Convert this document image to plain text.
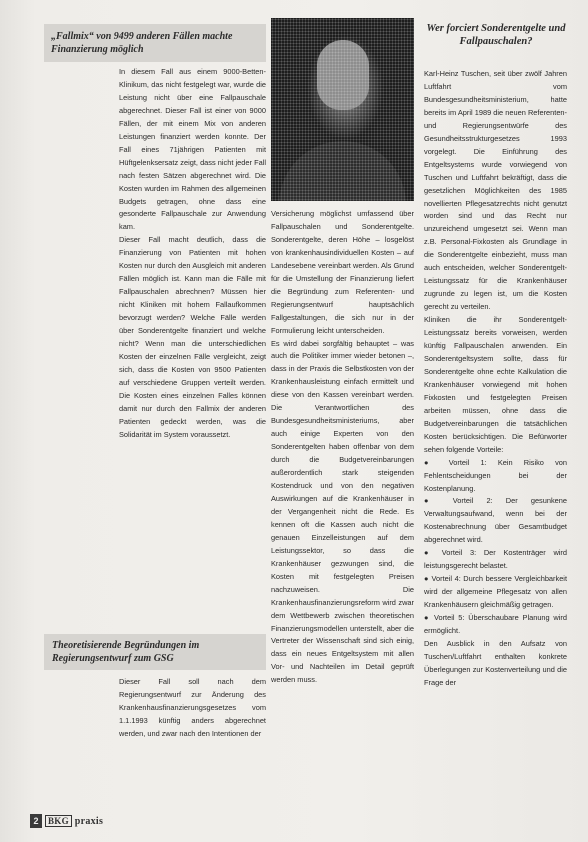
„Fallmix“ von 9499 anderen Fällen machte Finanzierung möglich

In diesem Fall aus einem 9000-Betten-Klinikum, das nicht festgelegt war, wurde die Leistung nicht über eine Fallpauschale abgerechnet. Dieser Fall ist einer von 9000 Fällen, der mit einem Mix von anderen Leistungen finanziert werden konnte. Der Fall eines 71jährigen Patienten mit Hüftgelenksersatz zeigt, dass nicht jeder Fall nach festen Sätzen abgerechnet wird. Die Kosten wurden im Rahmen des allgemeinen Budgets getragen, ohne dass eine gesonderte Fallpauschale zur Anwendung kam.

Dieser Fall macht deutlich, dass die Finanzierung von Patienten mit hohen Kosten nur durch den Ausgleich mit anderen Fällen möglich ist. Kann man die Fälle mit Fallpauschalen abrechnen? Müssen hier nicht Kliniken mit hohem Fallaufkommen bevorzugt werden? Welche Fälle werden über Sonderentgelte finanziert und welche nicht? Wenn man die unterschiedlichen Kosten der einzelnen Fälle vergleicht, zeigt sich, dass die Kosten von 9500 Patienten auf verschiedene Gruppen verteilt werden. Die Kosten eines einzelnen Falles können damit nur durch den Fallmix der anderen Patienten gedeckt werden, was die Solidarität im System voraussetzt.

Theoretisierende Begründungen im Regierungsentwurf zum GSG

Dieser Fall soll nach dem Regierungsentwurf zur Änderung des Krankenhausfinanzierungsgesetzes vom 1.1.1993 künftig anders abgerechnet werden, und zwar nach den Intentionen der

Versicherung möglichst umfassend über Fallpauschalen und Sonderentgelte. Sonderentgelte, deren Höhe – losgelöst von krankenhausindividuellen Kosten – auf Landesebene vereinbart werden. Als Grund für die Umstellung der Finanzierung liefert die Begründung zum Referenten- und Regierungsentwurf hauptsächlich Fallgestaltungen, die sich nur in der Formulierung leicht unterscheiden.

Es wird dabei sorgfältig behauptet – was auch die Politiker immer wieder betonen –, dass in der Praxis die Selbstkosten von der Krankenhausleistung einfach ermittelt und diese von den Kassen vereinbart werden. Die Verantwortlichen des Bundesgesundheitsministeriums, aber auch einige Experten von den Sonderentgelten haben offenbar von dem durch die Budgetvereinbarungen außerordentlich stark steigenden Kostendruck und von den negativen Auswirkungen auf die Krankenhäuser in der Vergangenheit nicht die Rede. Es kennen oft die Kassen auch nicht die genauen Einzelleistungen auf dem Leistungssektor, so dass die Krankenhäuser gezwungen sind, die Kosten mit festgelegten Preisen nachzuweisen. Die Krankenhausfinanzierungsreform wird zwar dem Wettbewerb zwischen theoretischen Finanzierungsmodellen unterstellt, aber die Vertreter der Wissenschaft sind sich einig, dass ein neues Entgeltsystem mit allen Vor- und Nachteilen im Detail geprüft werden muss.

Wer forciert Sonderentgelte und Fallpauschalen?

Karl-Heinz Tuschen, seit über zwölf Jahren Luftfahrt vom Bundesgesundheitsministerium, hatte bereits im April 1989 die neuen Referenten- und Regierungsentwürfe des Gesundheitsstrukturgesetzes 1993 vorgelegt. Die Einführung des Entgeltsystems wurde vorwiegend von Tuschen und Luftfahrt bekräftigt, dass die gesetzlichen Möglichkeiten des 1985 novellierten Pflegesatzrechts nicht genutzt worden sind und das Recht nur unzureichend umgesetzt sei. Wenn man z.B. Personal-Fixkosten als Grundlage in die Sonderentgelte einbezieht, muss man auch entscheiden, welcher Sonderentgelt-Leistungssatz für die Krankenhäuser zugrunde zu legen ist, um die Kosten gerecht zu verteilen.

Kliniken die ihr Sonderentgelt-Leistungssatz bereits vorweisen, werden künftig Fallpauschalen anwenden. Ein Sonderentgeltsystem sollte, dass für Sonderentgelte ohne echte Kalkulation die Krankenhäuser vorwiegend mit hohen Fixkosten und festgelegten Preisen arbeiten müssen, ohne dass die Budgetvereinbarungen die tatsächlichen Kosten berücksichtigen. Die Befürworter sehen folgende Vorteile:

● Vorteil 1: Kein Risiko von Fehlentscheidungen bei der Kostenplanung.

● Vorteil 2: Der gesunkene Verwaltungsaufwand, wenn bei der Kostenabrechnung über Gesamtbudget abgerechnet wird.

● Vorteil 3: Der Kostenträger wird leistungsgerecht belastet.

● Vorteil 4: Durch bessere Vergleichbarkeit wird der allgemeine Pflegesatz von allen Krankenhäusern gleichmäßig getragen.

● Vorteil 5: Überschaubare Planung wird ermöglicht.

Den Ausblick in den Aufsatz von Tuschen/Luftfahrt enthalten konkrete Überlegungen zur Kostenverteilung und die Frage der

2	BKG praxis
